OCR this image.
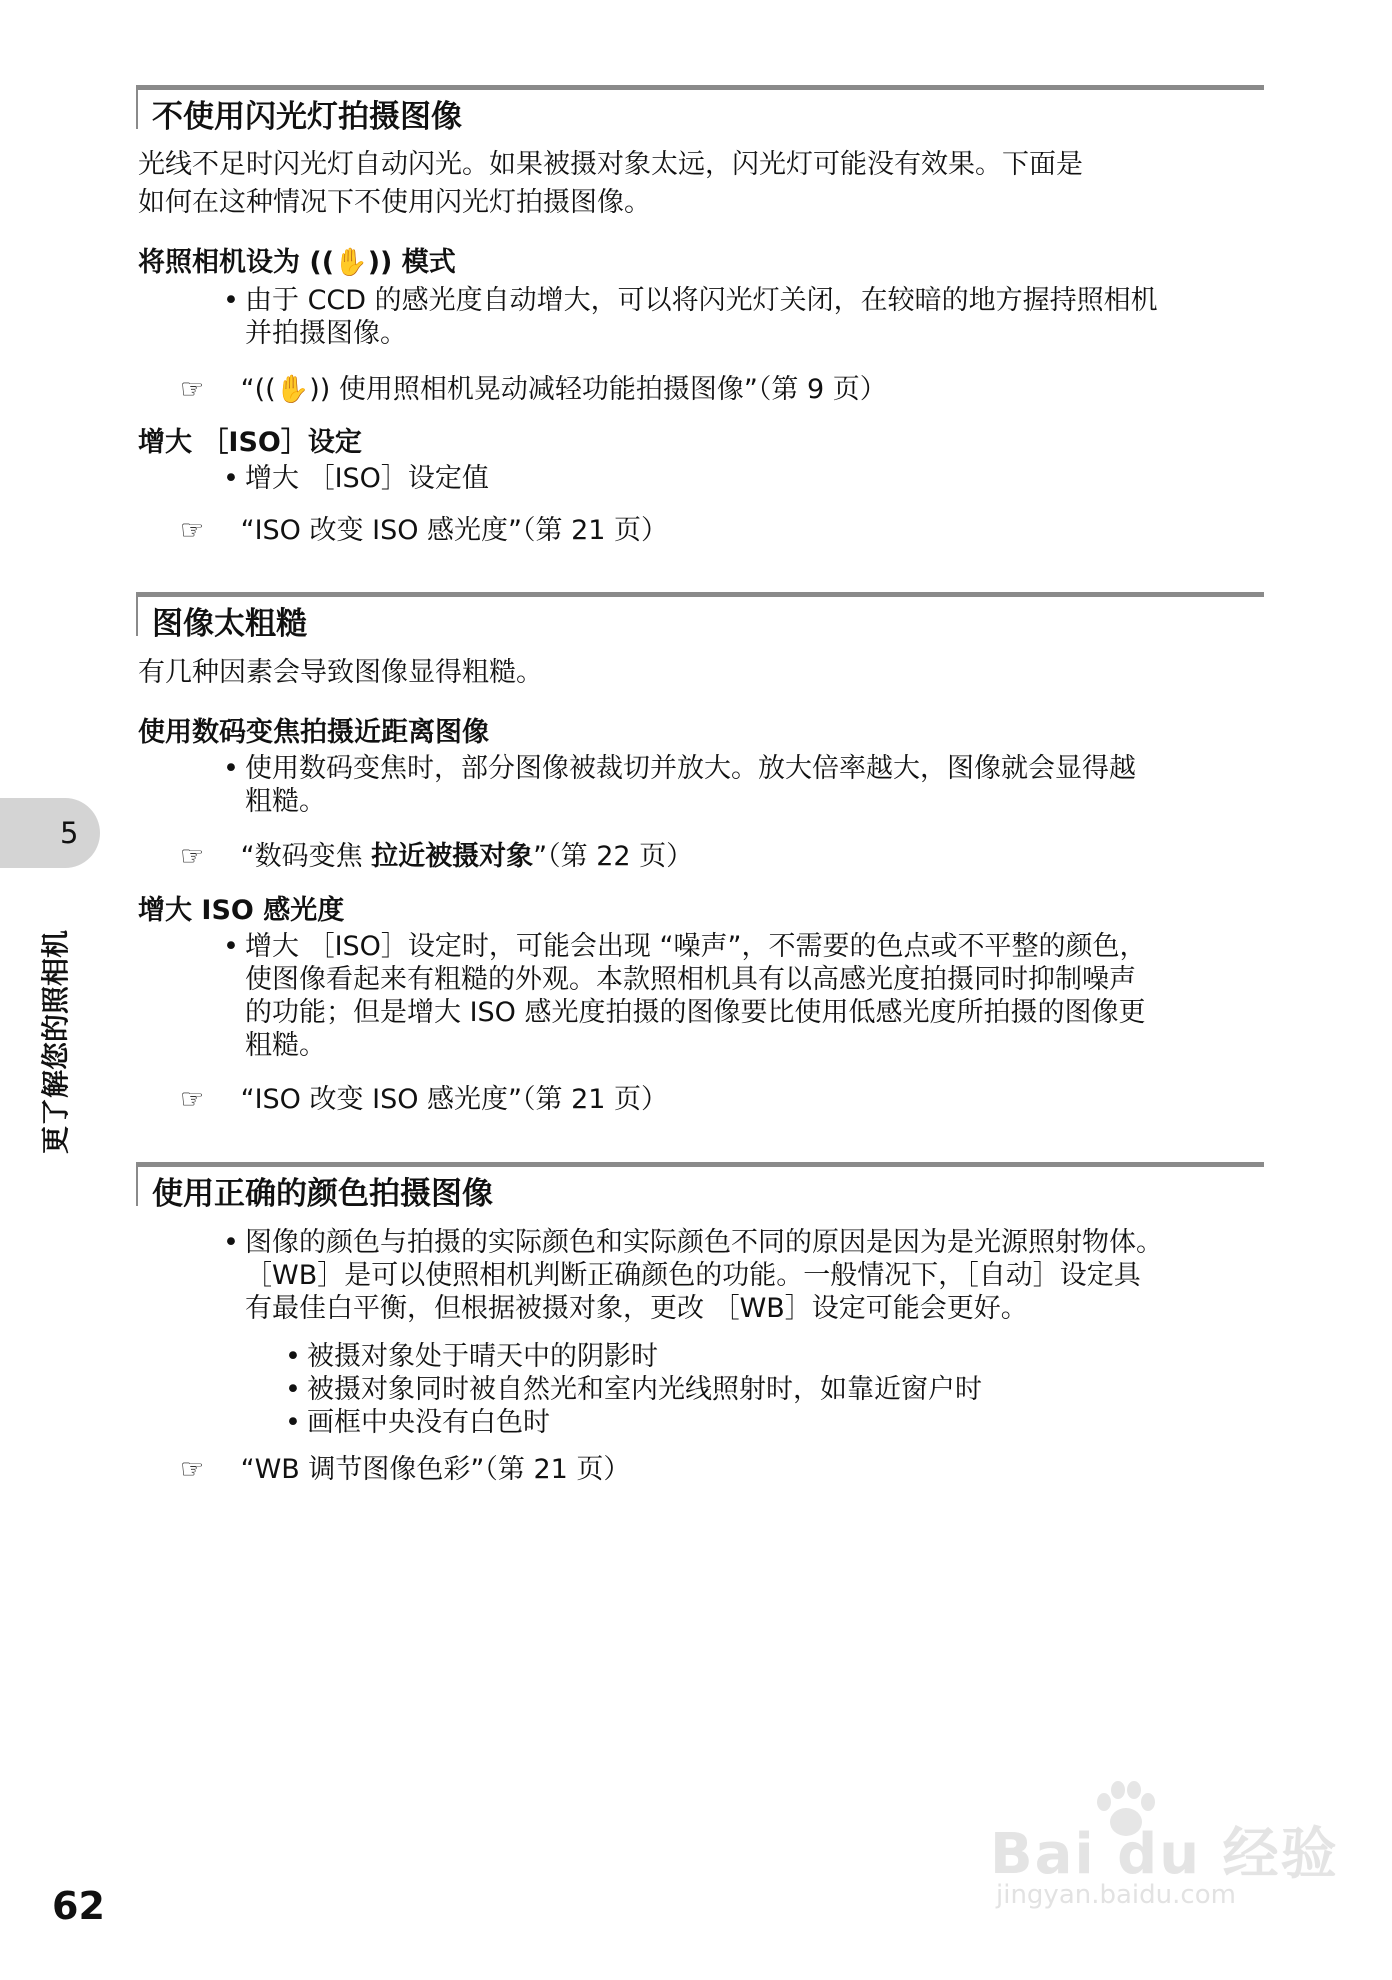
不使用闪光灯拍摄图像
光线不足时闪光灯自动闪光。如果被摄对象太远，闪光灯可能没有效果。下面是
如何在这种情况下不使用闪光灯拍摄图像。
将照相机设为 ((✋)) 模式
• 由于 CCD 的感光度自动增大，可以将闪光灯关闭，在较暗的地方握持照相机
并拍摄图像。
☞ “((✋)) 使用照相机晃动减轻功能拍摄图像”（第 9 页）
增大 ［ISO］设定
• 增大 ［ISO］设定值
☞ “ISO 改变 ISO 感光度”（第 21 页）
图像太粗糙
有几种因素会导致图像显得粗糙。
使用数码变焦拍摄近距离图像
• 使用数码变焦时，部分图像被裁切并放大。放大倍率越大，图像就会显得越
粗糙。
☞ “数码变焦 拉近被摄对象”（第 22 页）
增大 ISO 感光度
• 增大 ［ISO］设定时，可能会出现 “噪声”，不需要的色点或不平整的颜色，
使图像看起来有粗糙的外观。本款照相机具有以高感光度拍摄同时抑制噪声
的功能；但是增大 ISO 感光度拍摄的图像要比使用低感光度所拍摄的图像更
粗糙。
☞ “ISO 改变 ISO 感光度”（第 21 页）
使用正确的颜色拍摄图像
• 图像的颜色与拍摄的实际颜色和实际颜色不同的原因是因为是光源照射物体。
［WB］是可以使照相机判断正确颜色的功能。一般情况下，［自动］设定具
有最佳白平衡，但根据被摄对象，更改 ［WB］设定可能会更好。
• 被摄对象处于晴天中的阴影时
• 被摄对象同时被自然光和室内光线照射时，如靠近窗户时
• 画框中央没有白色时
☞ “WB 调节图像色彩”（第 21 页）
5
更了解您的照相机
62
Bai du 经验
jingyan.baidu.com
